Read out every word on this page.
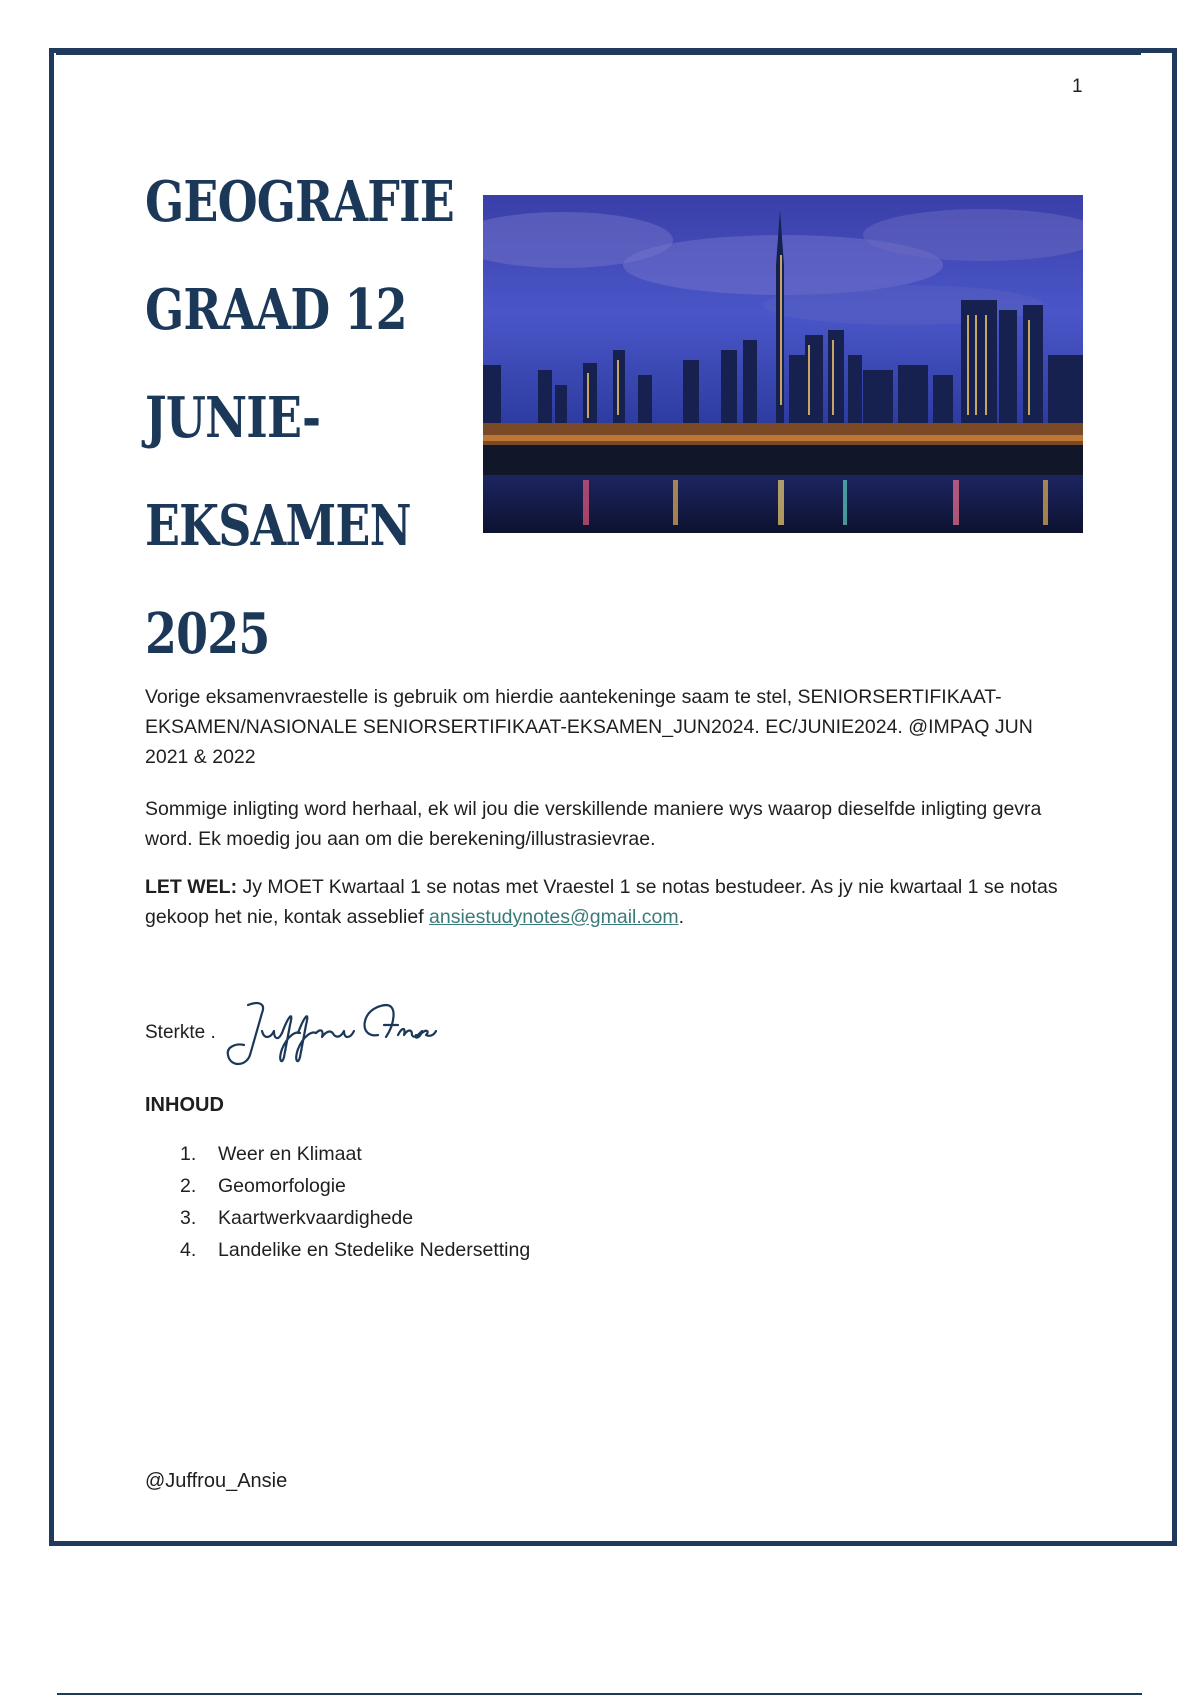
1
GEOGRAFIE
GRAAD 12
JUNIE-
EKSAMEN
2025
Vorige eksamenvraestelle is gebruik om hierdie aantekeninge saam te stel, SENIORSERTIFIKAAT-EKSAMEN/NASIONALE SENIORSERTIFIKAAT-EKSAMEN_JUN2024. EC/JUNIE2024. @IMPAQ JUN 2021 & 2022
Sommige inligting word herhaal, ek wil jou die verskillende maniere wys waarop dieselfde inligting gevra word. Ek moedig jou aan om die berekening/illustrasievrae.
LET WEL: Jy MOET Kwartaal 1 se notas met Vraestel 1 se notas bestudeer. As jy nie kwartaal 1 se notas gekoop het nie, kontak asseblief ansiestudynotes@gmail.com.
Sterkte .
INHOUD
1. Weer en Klimaat
2. Geomorfologie
3. Kaartwerkvaardighede
4. Landelike en Stedelike Nedersetting
@Juffrou_Ansie
